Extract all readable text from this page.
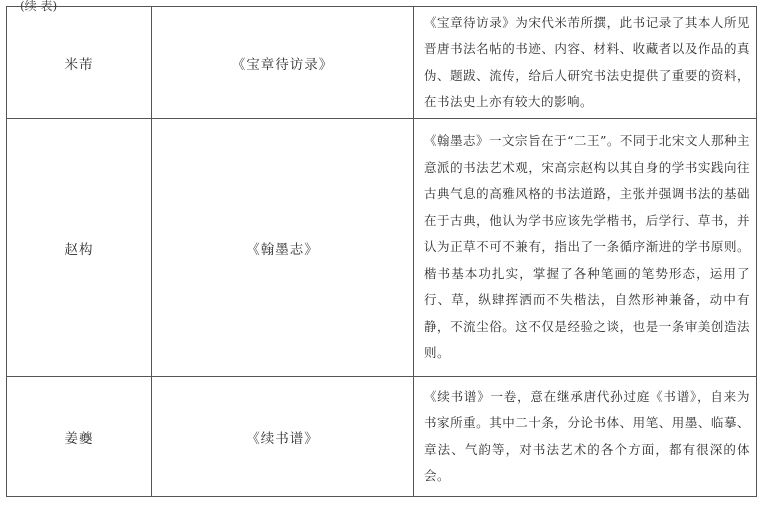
(续 表)
米芾	《宝章待访录》	《宝章待访录》为宋代米芾所撰，此书记录了其本人所见晋唐书法名帖的书迹、内容、材料、收藏者以及作品的真伪、题跋、流传，给后人研究书法史提供了重要的资料，在书法史上亦有较大的影响。
赵构	《翰墨志》	《翰墨志》一文宗旨在于“二王”。不同于北宋文人那种主意派的书法艺术观，宋高宗赵构以其自身的学书实践向往古典气息的高雅风格的书法道路，主张并强调书法的基础在于古典，他认为学书应该先学楷书，后学行、草书，并认为正草不可不兼有，指出了一条循序渐进的学书原则。楷书基本功扎实，掌握了各种笔画的笔势形态，运用了行、草，纵肆挥洒而不失楷法，自然形神兼备，动中有静，不流尘俗。这不仅是经验之谈，也是一条审美创造法则。
姜夔	《续书谱》	《续书谱》一卷，意在继承唐代孙过庭《书谱》，自来为书家所重。其中二十条，分论书体、用笔、用墨、临摹、章法、气韵等，对书法艺术的各个方面，都有很深的体会。
